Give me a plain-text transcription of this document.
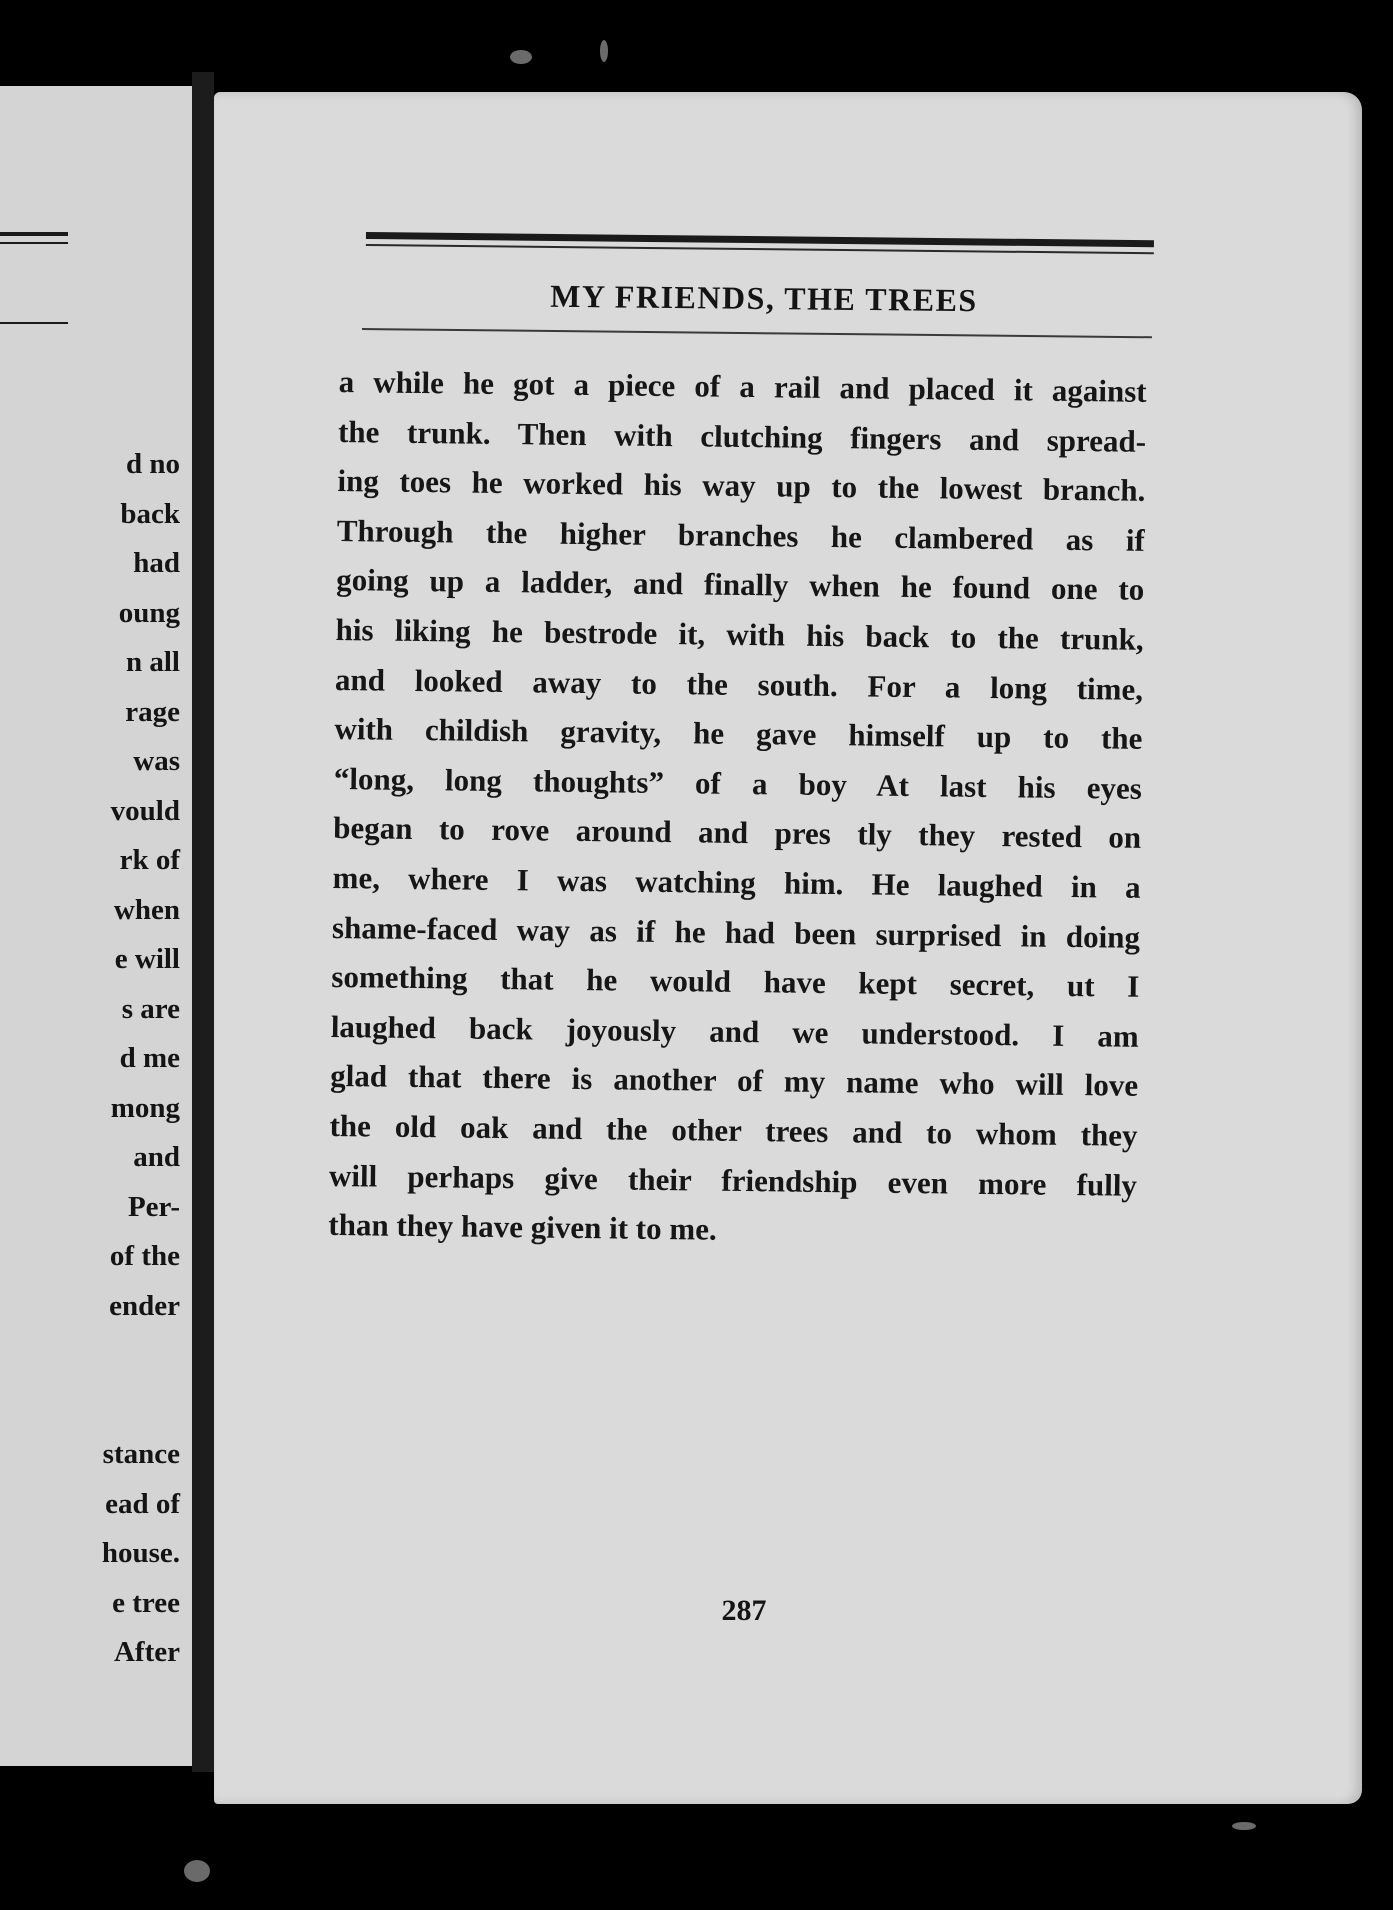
d no
back
had
oung
n all
rage
was
vould
rk of
when
e will
s are
d me
mong
and
Per-
of the
ender
stance
ead of
house.
e tree
After
MY FRIENDS, THE TREES
a while he got a piece of a rail and placed it against
the trunk. Then with clutching fingers and spread-
ing toes he worked his way up to the lowest branch.
Through the higher branches he clambered as if
going up a ladder, and finally when he found one to
his liking he bestrode it, with his back to the trunk,
and looked away to the south. For a long time,
with childish gravity, he gave himself up to the
“long, long thoughts” of a boy At last his eyes
began to rove around and pres tly they rested on
me, where I was watching him. He laughed in a
shame-faced way as if he had been surprised in doing
something that he would have kept secret, ut I
laughed back joyously and we understood. I am
glad that there is another of my name who will love
the old oak and the other trees and to whom they
will perhaps give their friendship even more fully
than they have given it to me.
287
